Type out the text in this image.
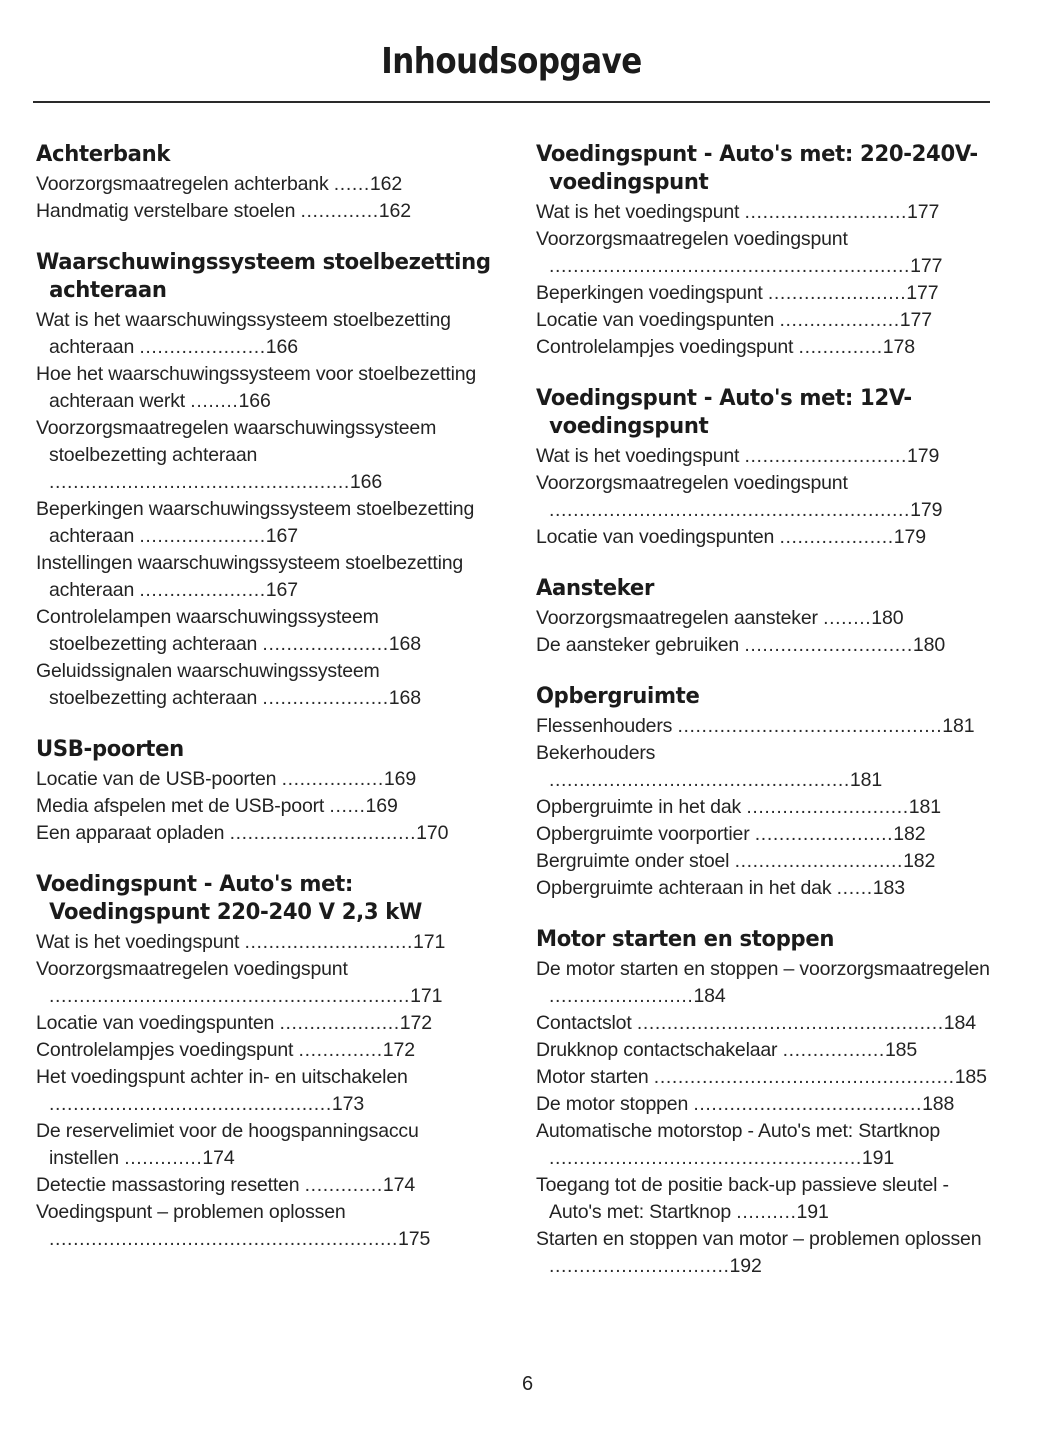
Inhoudsopgave
Achterbank
Voorzorgsmaatregelen achterbank ......162
Handmatig verstelbare stoelen .............162
Waarschuwingssysteem stoelbezetting achteraan
Wat is het waarschuwingssysteem stoelbezetting achteraan .....................166
Hoe het waarschuwingssysteem voor stoelbezetting achteraan werkt ........166
Voorzorgsmaatregelen waarschuwingssysteem stoelbezetting achteraan ..................................................166
Beperkingen waarschuwingssysteem stoelbezetting achteraan .....................167
Instellingen waarschuwingssysteem stoelbezetting achteraan .....................167
Controlelampen waarschuwingssysteem stoelbezetting achteraan .....................168
Geluidssignalen waarschuwingssysteem stoelbezetting achteraan .....................168
USB-poorten
Locatie van de USB-poorten .................169
Media afspelen met de USB-poort ......169
Een apparaat opladen ...............................170
Voedingspunt - Auto's met: Voedingspunt 220-240 V 2,3 kW
Wat is het voedingspunt ............................171
Voorzorgsmaatregelen voedingspunt ............................................................171
Locatie van voedingspunten ....................172
Controlelampjes voedingspunt ..............172
Het voedingspunt achter in- en uitschakelen ...............................................173
De reservelimiet voor de hoogspanningsaccu instellen .............174
Detectie massastoring resetten .............174
Voedingspunt – problemen oplossen ..........................................................175
Voedingspunt - Auto's met: 220-240V-voedingspunt
Wat is het voedingspunt ...........................177
Voorzorgsmaatregelen voedingspunt ............................................................177
Beperkingen voedingspunt .......................177
Locatie van voedingspunten ....................177
Controlelampjes voedingspunt ..............178
Voedingspunt - Auto's met: 12V-voedingspunt
Wat is het voedingspunt ...........................179
Voorzorgsmaatregelen voedingspunt ............................................................179
Locatie van voedingspunten ...................179
Aansteker
Voorzorgsmaatregelen aansteker ........180
De aansteker gebruiken ............................180
Opbergruimte
Flessenhouders ............................................181
Bekerhouders ..................................................181
Opbergruimte in het dak ...........................181
Opbergruimte voorportier .......................182
Bergruimte onder stoel ............................182
Opbergruimte achteraan in het dak ......183
Motor starten en stoppen
De motor starten en stoppen – voorzorgsmaatregelen ........................184
Contactslot ...................................................184
Drukknop contactschakelaar .................185
Motor starten ..................................................185
De motor stoppen ......................................188
Automatische motorstop - Auto's met: Startknop ....................................................191
Toegang tot de positie back-up passieve sleutel - Auto's met: Startknop ..........191
Starten en stoppen van motor – problemen oplossen ..............................192
6
